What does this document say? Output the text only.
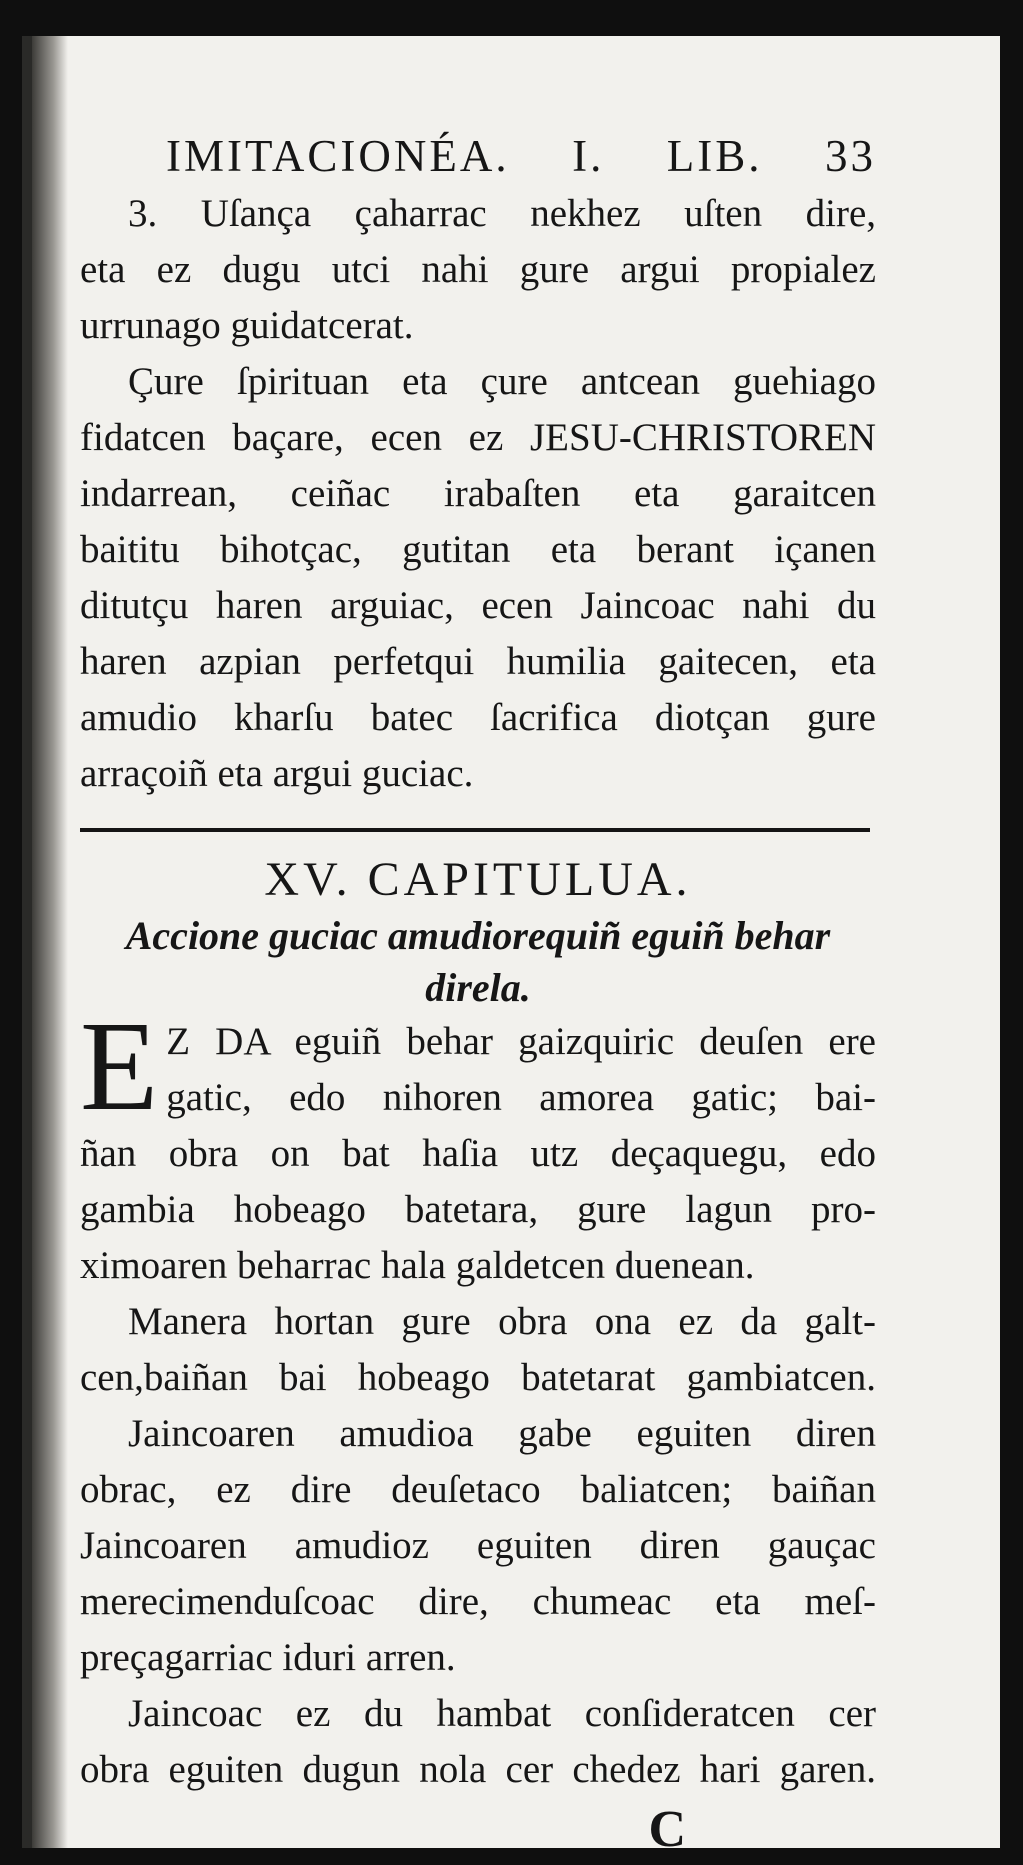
IMITACIONÉA. I. LIB. 33
3. Uſança çaharrac nekhez uſten dire,
eta ez dugu utci nahi gure argui propialez
urrunago guidatcerat.
Çure ſpirituan eta çure antcean guehiago
fidatcen baçare, ecen ez JESU-CHRISTOREN
indarrean, ceiñac irabaſten eta garaitcen
baititu bihotçac, gutitan eta berant içanen
ditutçu haren arguiac, ecen Jaincoac nahi du
haren azpian perfetqui humilia gaitecen, eta
amudio kharſu batec ſacrifica diotçan gure
arraçoiñ eta argui guciac.
XV. CAPITULUA.
Accione guciac amudiorequiñ eguiñ behar
direla.
E Z DA eguiñ behar gaizquiric deuſen ere
gatic, edo nihoren amorea gatic; bai-
ñan obra on bat haſia utz deçaquegu, edo
gambia hobeago batetara, gure lagun pro-
ximoaren beharrac hala galdetcen duenean.
Manera hortan gure obra ona ez da galt-
cen,baiñan bai hobeago batetarat gambiatcen.
Jaincoaren amudioa gabe eguiten diren
obrac, ez dire deuſetaco baliatcen; baiñan
Jaincoaren amudioz eguiten diren gauçac
merecimenduſcoac dire, chumeac eta meſ-
preçagarriac iduri arren.
Jaincoac ez du hambat conſideratcen cer
obra eguiten dugun nola cer chedez hari garen.
C
